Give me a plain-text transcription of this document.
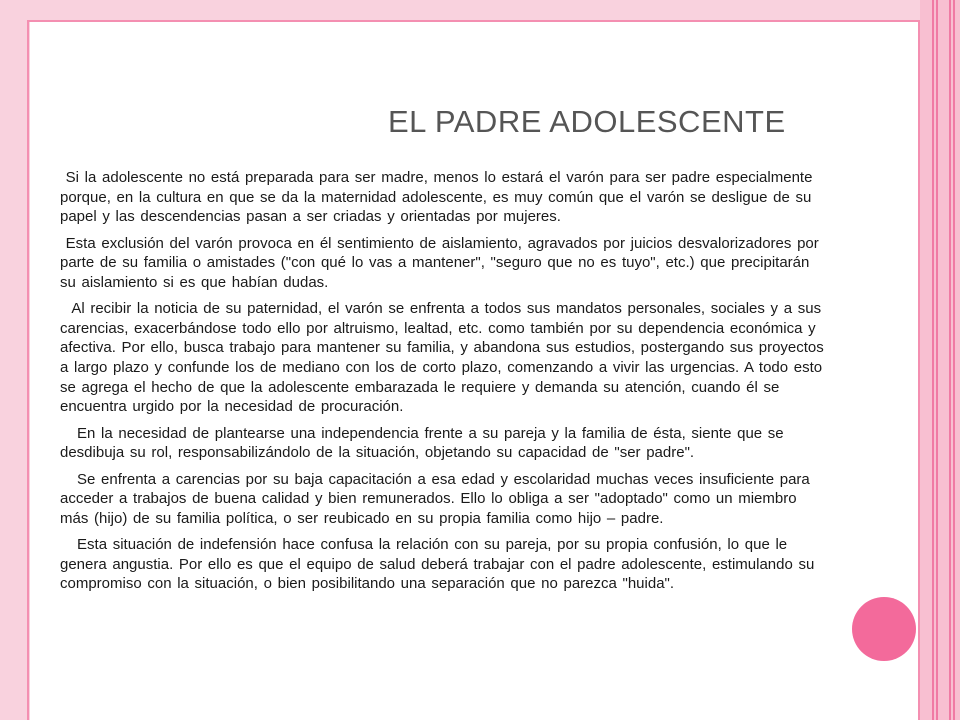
EL PADRE ADOLESCENTE

Si la adolescente no está preparada para ser madre, menos lo estará el varón para ser padre especialmente porque, en la cultura en que se da la maternidad adolescente, es muy común que el varón se desligue de su papel y las descendencias pasan a ser criadas y orientadas por mujeres.

Esta exclusión del varón provoca en él sentimiento de aislamiento, agravados por juicios desvalorizadores por parte de su familia o amistades ("con qué lo vas a mantener", "seguro que no es tuyo", etc.) que precipitarán su aislamiento si es que habían dudas.

Al recibir la noticia de su paternidad, el varón se enfrenta a todos sus mandatos personales, sociales y a sus carencias, exacerbándose todo ello por altruismo, lealtad, etc. como también por su dependencia económica y afectiva. Por ello, busca trabajo para mantener su familia, y abandona sus estudios, postergando sus proyectos a largo plazo y confunde los de mediano con los de corto plazo, comenzando a vivir las urgencias. A todo esto se agrega el hecho de que la adolescente embarazada le requiere y demanda su atención, cuando él se encuentra urgido por la necesidad de procuración.

En la necesidad de plantearse una independencia frente a su pareja y la familia de ésta, siente que se desdibuja su rol, responsabilizándolo de la situación, objetando su capacidad de "ser padre".

Se enfrenta a carencias por su baja capacitación a esa edad y escolaridad muchas veces insuficiente para acceder a trabajos de buena calidad y bien remunerados. Ello lo obliga a ser "adoptado" como un miembro más (hijo) de su familia política, o ser reubicado en su propia familia como hijo – padre.

Esta situación de indefensión hace confusa la relación con su pareja, por su propia confusión, lo que le genera angustia. Por ello es que el equipo de salud deberá trabajar con el padre adolescente, estimulando su compromiso con la situación, o bien posibilitando una separación que no parezca "huida".
